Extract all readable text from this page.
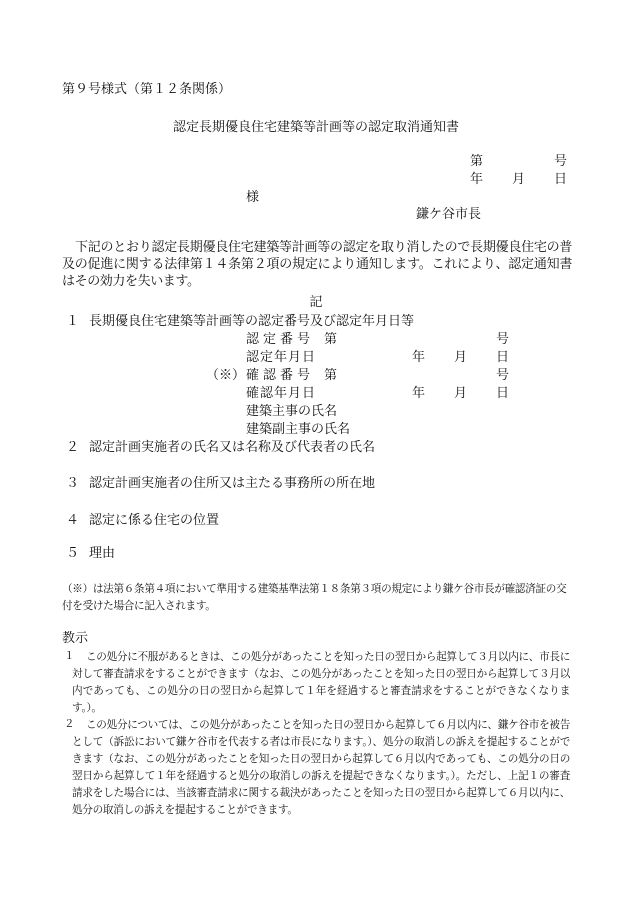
第９号様式（第１２条関係）
認定長期優良住宅建築等計画等の認定取消通知書
第	号
年 月 日
様
鎌ケ谷市長
下記のとおり認定長期優良住宅建築等計画等の認定を取り消したので長期優良住宅の普及の促進に関する法律第１４条第２項の規定により通知します。これにより、認定通知書はその効力を失います。
記
１ 長期優良住宅建築等計画等の認定番号及び認定年月日等
認定番号 第	号
認定年月日	年 月 日
（※） 確認番号 第	号
確認年月日	年 月 日
建築主事の氏名
建築副主事の氏名
２ 認定計画実施者の氏名又は名称及び代表者の氏名
３ 認定計画実施者の住所又は主たる事務所の所在地
４ 認定に係る住宅の位置
５ 理由
（※）は法第６条第４項において準用する建築基準法第１８条第３項の規定により鎌ケ谷市長が確認済証の交付を受けた場合に記入されます。
教示
１	この処分に不服があるときは、この処分があったことを知った日の翌日から起算して３月以内に、市長に対して審査請求をすることができます（なお、この処分があったことを知った日の翌日から起算して３月以内であっても、この処分の日の翌日から起算して１年を経過すると審査請求をすることができなくなります。）。
２	この処分については、この処分があったことを知った日の翌日から起算して６月以内に、鎌ケ谷市を被告として（訴訟において鎌ケ谷市を代表する者は市長になります。）、処分の取消しの訴えを提起することができます（なお、この処分があったことを知った日の翌日から起算して６月以内であっても、この処分の日の翌日から起算して１年を経過すると処分の取消しの訴えを提起できなくなります。）。ただし、上記１の審査請求をした場合には、当該審査請求に関する裁決があったことを知った日の翌日から起算して６月以内に、処分の取消しの訴えを提起することができます。
